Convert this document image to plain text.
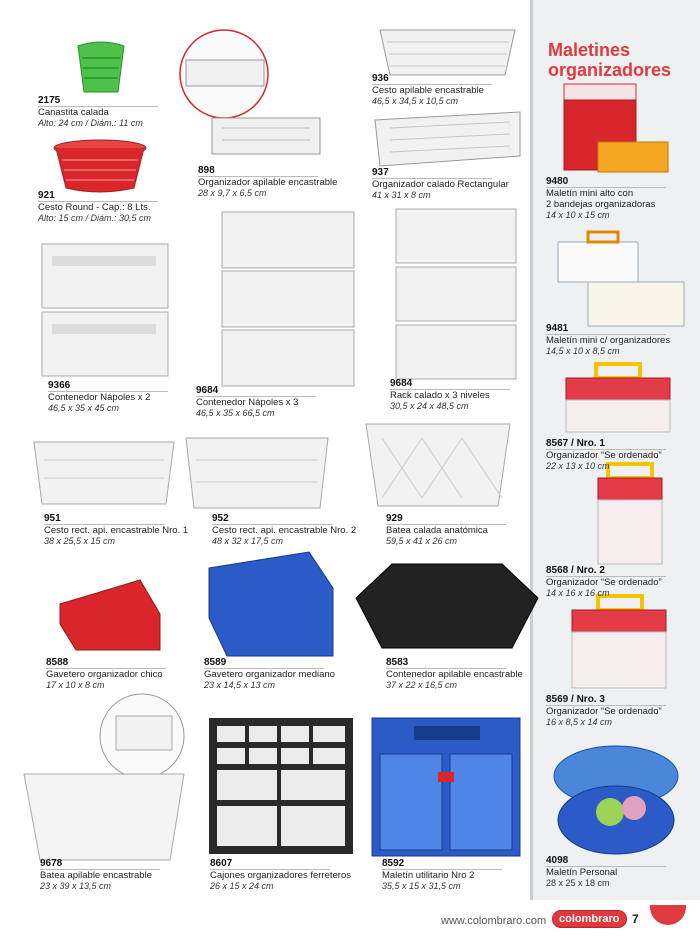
Maletines
organizadores
2175
Canastita calada
Alto: 24 cm / Diám.: 11 cm
921
Cesto Round - Cap.: 8 Lts.
Alto: 15 cm / Diám.: 30,5 cm
898
Organizador apilable encastrable
28 x 9,7 x 6,5 cm
936
Cesto apilable encastrable
46,5 x 34,5 x 10,5 cm
937
Organizador calado Rectangular
41 x 31 x 8 cm
9480
Maletín mini alto con
2 bandejas organizadoras
14 x 10 x 15 cm
9366
Contenedor Nápoles x 2
46,5 x 35 x 45 cm
9684
Contenedor Nápoles x 3
46,5 x 35 x 66,5 cm
9684
Rack calado x 3 niveles
30,5 x 24 x 48,5 cm
9481
Maletín mini c/ organizadores
14,5 x 10 x 8,5 cm
8567 / Nro. 1
Organizador “Se ordenado”
22 x 13 x 10 cm
951
Cesto rect. api. encastrable Nro. 1
38 x 25,5 x 15 cm
952
Cesto rect. api. encastrable Nro. 2
48 x 32 x 17,5 cm
929
Batea calada anatómica
59,5 x 41 x 26 cm
8568 / Nro. 2
Organizador “Se ordenado”
14 x 16 x 16 cm
8588
Gavetero organizador chico
17 x 10 x 8 cm
8589
Gavetero organizador mediano
23 x 14,5 x 13 cm
8583
Contenedor apilable encastrable
37 x 22 x 16,5 cm
8569 / Nro. 3
Organizador “Se ordenado”
16 x 8,5 x 14 cm
9678
Batea apilable encastrable
23 x 39 x 13,5 cm
8607
Cajones organizadores ferreteros
26 x 15 x 24 cm
8592
Maletín utilitario Nro 2
35,5 x 15 x 31,5 cm
4098
Maletín Personal
28 x 25 x 18 cm
www.colombraro.com	colombraro	7
